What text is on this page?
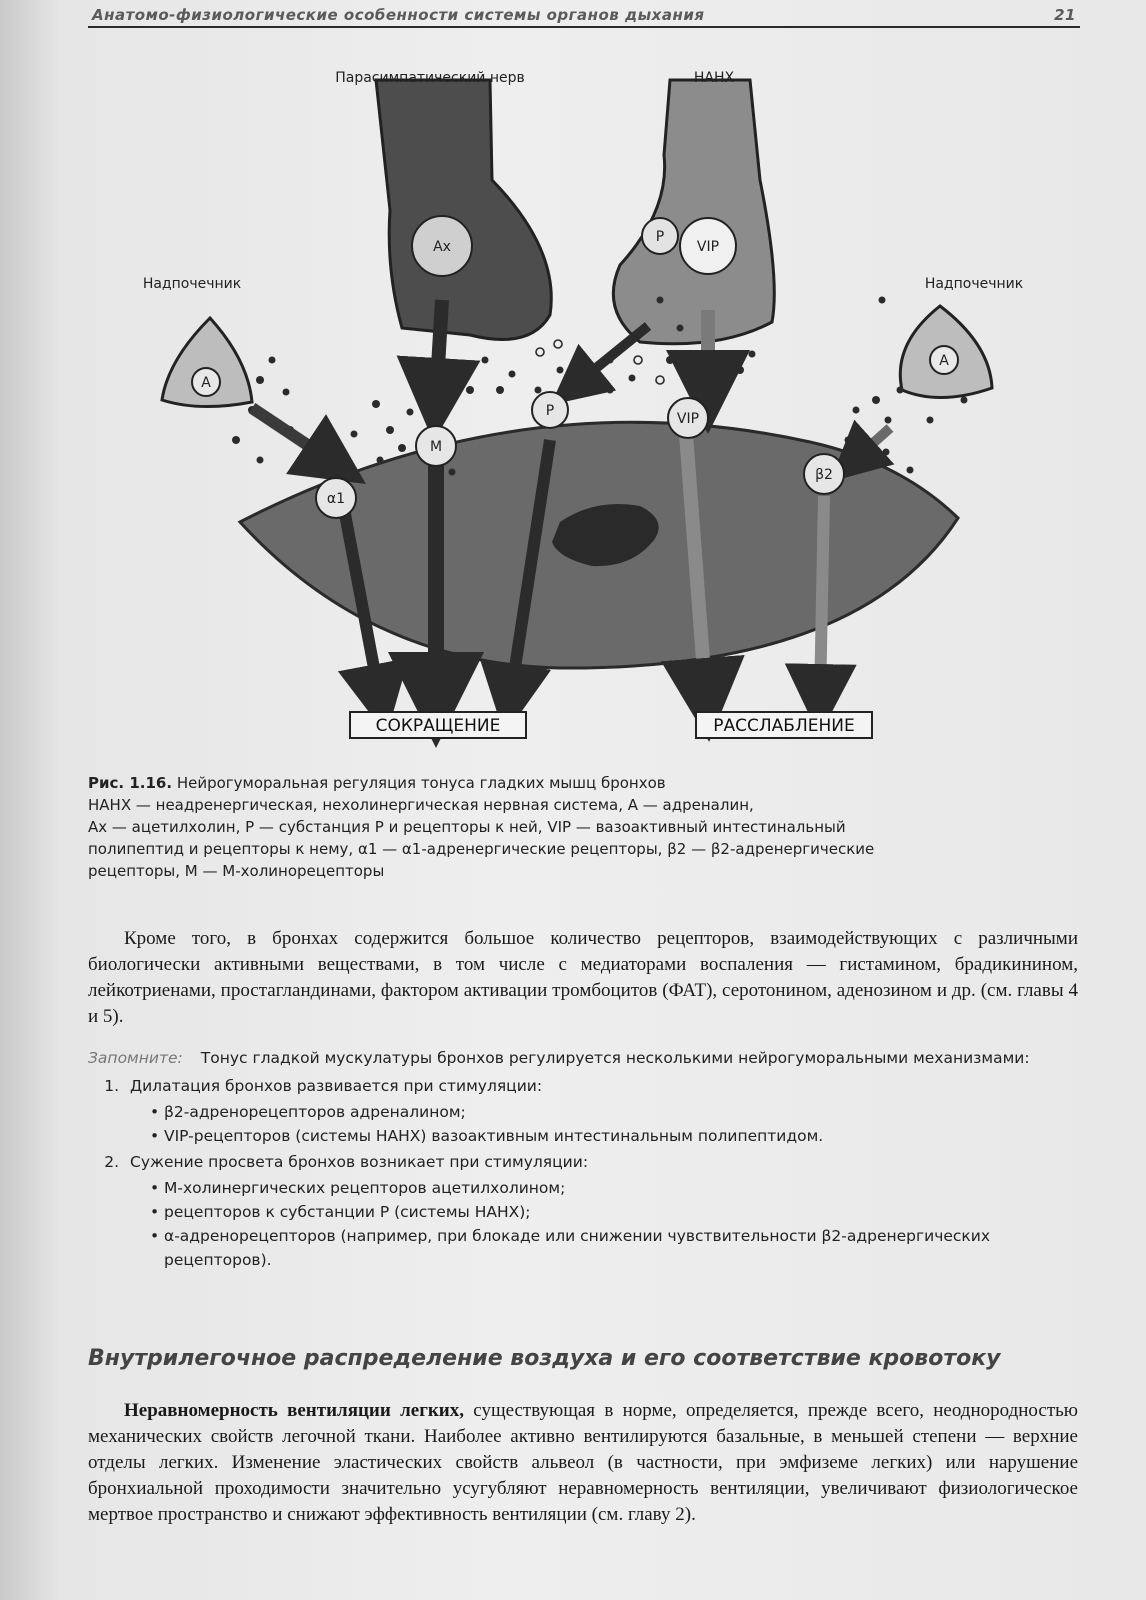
Анатомо-физиологические особенности системы органов дыхания	21
Ах
P
VIP
A
A
M
P	VIP
α1
β2
Парасимпатический нерв	НАНХ
Надпочечник	Надпочечник
СОКРАЩЕНИЕ	РАССЛАБЛЕНИЕ
Рис. 1.16. Нейрогуморальная регуляция тонуса гладких мышц бронхов
НАНХ — неадренергическая, нехолинергическая нервная система, А — адреналин,
Ах — ацетилхолин, Р — субстанция Р и рецепторы к ней, VIP — вазоактивный интестинальный
полипептид и рецепторы к нему, α1 — α1-адренергические рецепторы, β2 — β2-адренергические
рецепторы, М — М-холинорецепторы

Кроме того, в бронхах содержится большое количество рецепторов, взаимодействующих с различными биологически активными веществами, в том числе с медиаторами воспаления — гистамином, брадикинином, лейкотриенами, простагландинами, фактором активации тромбоцитов (ФАТ), серотонином, аденозином и др. (см. главы 4 и 5).

Запомните: Тонус гладкой мускулатуры бронхов регулируется несколькими нейрогуморальными механизмами:
1. Дилатация бронхов развивается при стимуляции:
• β2-адренорецепторов адреналином;
• VIP-рецепторов (системы НАНХ) вазоактивным интестинальным полипептидом.
2. Сужение просвета бронхов возникает при стимуляции:
• М-холинергических рецепторов ацетилхолином;
• рецепторов к субстанции Р (системы НАНХ);
• α-адренорецепторов (например, при блокаде или снижении чувствительности β2-адренергических рецепторов).
Внутрилегочное распределение воздуха и его соответствие кровотоку

Неравномерность вентиляции легких, существующая в норме, определяется, прежде всего, неоднородностью механических свойств легочной ткани. Наиболее активно вентилируются базальные, в меньшей степени — верхние отделы легких. Изменение эластических свойств альвеол (в частности, при эмфиземе легких) или нарушение бронхиальной проходимости значительно усугубляют неравномерность вентиляции, увеличивают физиологическое мертвое пространство и снижают эффективность вентиляции (см. главу 2).
